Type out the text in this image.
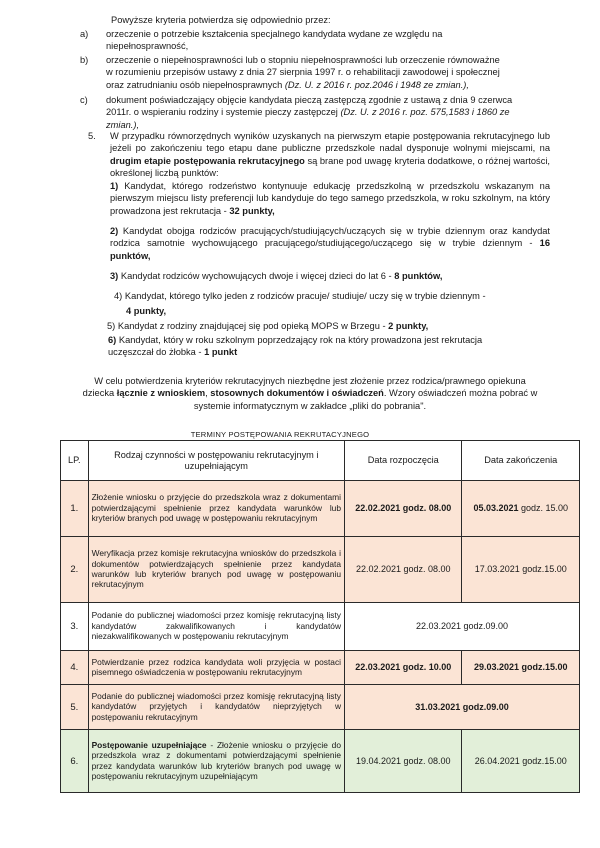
Powyższe kryteria potwierdza się odpowiednio przez:
a) orzeczenie o potrzebie kształcenia specjalnego kandydata wydane ze względu na
niepełnosprawność,
b) orzeczenie o niepełnosprawności lub o stopniu niepełnosprawności lub orzeczenie równoważne
w rozumieniu przepisów ustawy z dnia 27 sierpnia 1997 r. o rehabilitacji zawodowej i społecznej
oraz zatrudnianiu osób niepełnosprawnych (Dz. U. z 2016 r. poz.2046 i 1948 ze zmian.),
c) dokument poświadczający objęcie kandydata pieczą zastępczą zgodnie z ustawą z dnia 9 czerwca
2011r. o wspieraniu rodziny i systemie pieczy zastępczej (Dz. U. z 2016 r. poz. 575,1583 i 1860 ze
zmian.),
5. W przypadku równorzędnych wyników uzyskanych na pierwszym etapie postępowania rekrutacyjnego lub jeżeli po zakończeniu tego etapu dane publiczne przedszkole nadal dysponuje wolnymi miejscami, na drugim etapie postępowania rekrutacyjnego są brane pod uwagę kryteria dodatkowe, o różnej wartości, określonej liczbą punktów:
1) Kandydat, którego rodzeństwo kontynuuje edukację przedszkolną w przedszkolu wskazanym na pierwszym miejscu listy preferencji lub kandyduje do tego samego przedszkola, w roku szkolnym, na który prowadzona jest rekrutacja - 32 punkty,
2) Kandydat obojga rodziców pracujących/studiujących/uczących się w trybie dziennym oraz kandydat rodzica samotnie wychowującego pracującego/studiującego/uczącego się w trybie dziennym - 16 punktów,
3) Kandydat rodziców wychowujących dwoje i więcej dzieci do lat 6 - 8 punktów,
4) Kandydat, którego tylko jeden z rodziców pracuje/ studiuje/ uczy się w trybie dziennym -
4 punkty,
5) Kandydat z rodziny znajdującej się pod opieką MOPS w Brzegu - 2 punkty,
6) Kandydat, który w roku szkolnym poprzedzający rok na który prowadzona jest rekrutacja uczęszczał do żłobka - 1 punkt
W celu potwierdzenia kryteriów rekrutacyjnych niezbędne jest złożenie przez rodzica/prawnego opiekuna
dziecka łącznie z wnioskiem, stosownych dokumentów i oświadczeń. Wzory oświadczeń można pobrać w
systemie informatycznym w zakładce „pliki do pobrania".
TERMINY POSTĘPOWANIA REKRUTACYJNEGO
LP.	Rodzaj czynności w postępowaniu rekrutacyjnym i uzupełniającym	Data rozpoczęcia	Data zakończenia
1.	Złożenie wniosku o przyjęcie do przedszkola wraz z dokumentami potwierdzającymi spełnienie przez kandydata warunków lub kryteriów branych pod uwagę w postępowaniu rekrutacyjnym	22.02.2021 godz. 08.00	05.03.2021 godz. 15.00
2.	Weryfikacja przez komisje rekrutacyjna wniosków do przedszkola i dokumentów potwierdzających spełnienie przez kandydata warunków lub kryteriów branych pod uwagę w postępowaniu rekrutacyjnym	22.02.2021 godz. 08.00	17.03.2021 godz.15.00
3.	Podanie do publicznej wiadomości przez komisję rekrutacyjną listy kandydatów zakwalifikowanych i kandydatów niezakwalifikowanych w postępowaniu rekrutacyjnym	22.03.2021 godz.09.00	
4.	Potwierdzanie przez rodzica kandydata woli przyjęcia w postaci pisemnego oświadczenia w postępowaniu rekrutacyjnym	22.03.2021 godz. 10.00	29.03.2021 godz.15.00
5.	Podanie do publicznej wiadomości przez komisję rekrutacyjną listy kandydatów przyjętych i kandydatów nieprzyjętych w postępowaniu rekrutacyjnym	31.03.2021 godz.09.00	
6.	Postępowanie uzupełniające - Złożenie wniosku o przyjęcie do przedszkola wraz z dokumentami potwierdzającymi spełnienie przez kandydata warunków lub kryteriów branych pod uwagę w postępowaniu rekrutacyjnym uzupełniającym	19.04.2021 godz. 08.00	26.04.2021 godz.15.00
